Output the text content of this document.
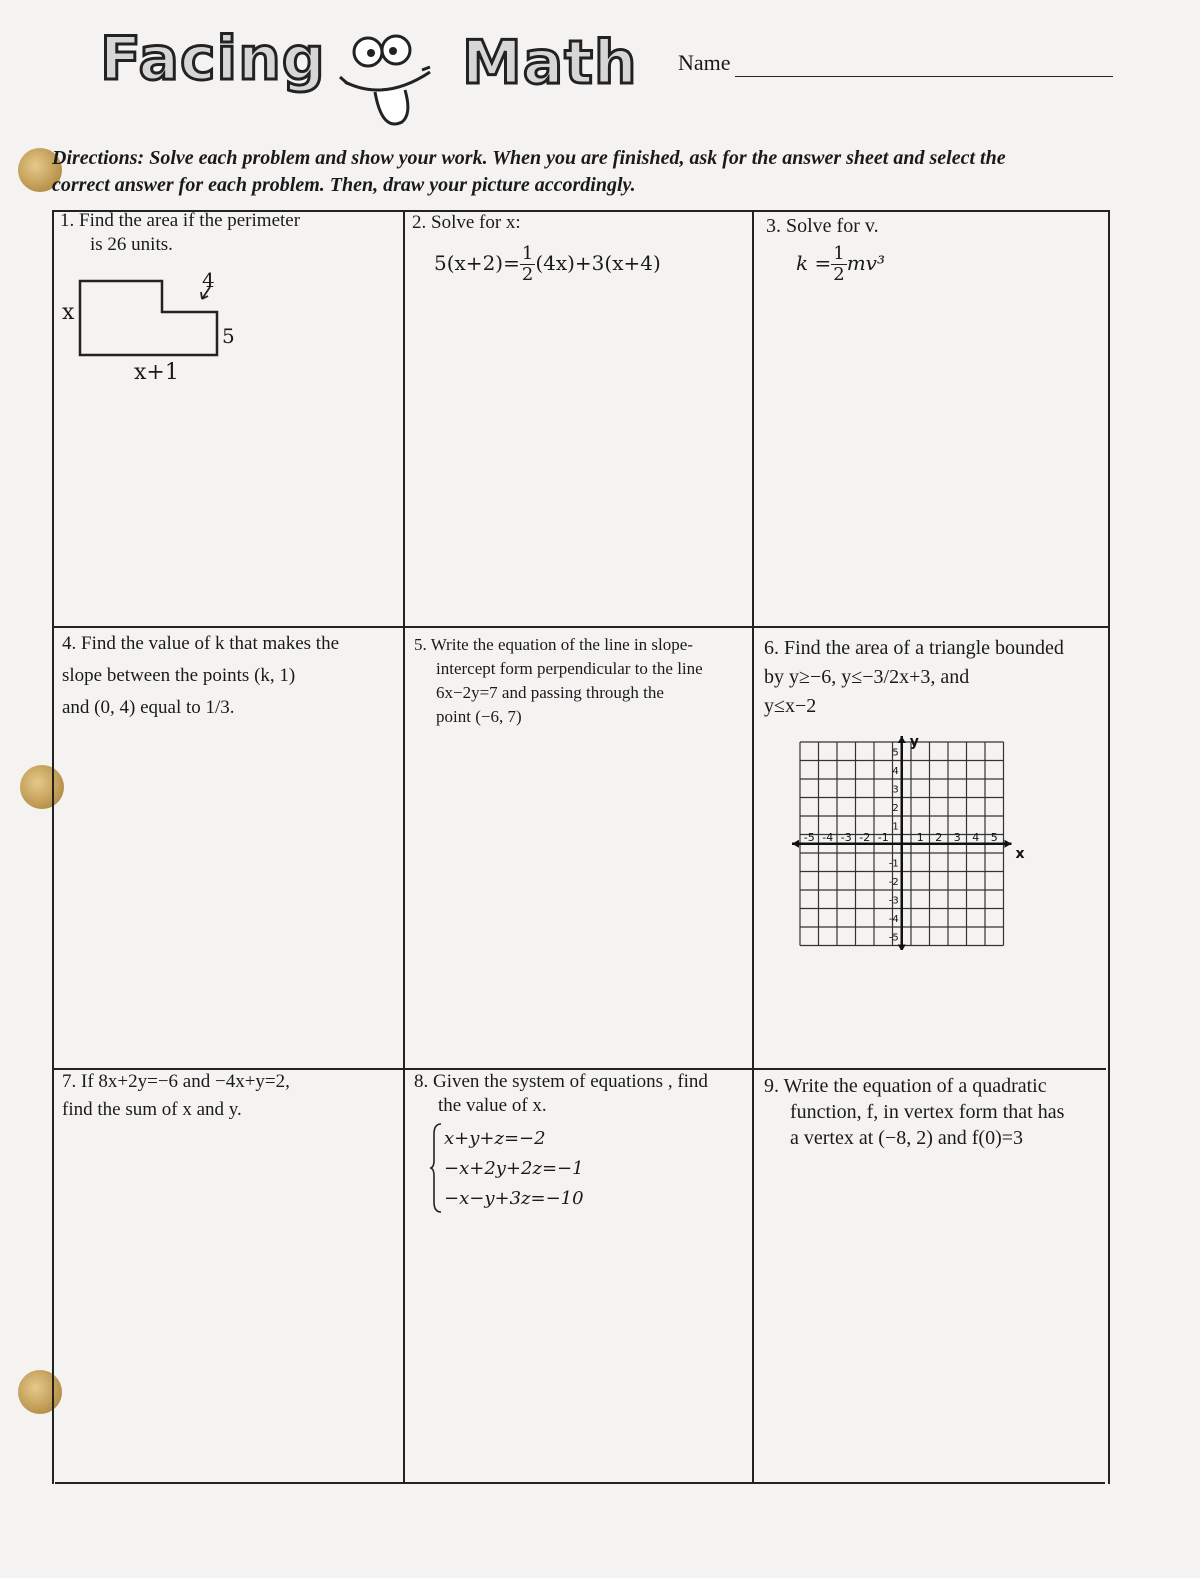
Facing Math Name
Directions: Solve each problem and show your work. When you are finished, ask for the answer sheet and select the
correct answer for each problem. Then, draw your picture accordingly.
1. Find the area if the perimeter
is 26 units.
x
4
5
x+1
2. Solve for x:
$5(x+2)= \frac{1}{2} (4x)+3(x+4)$
3. Solve for v.
$k = \frac{1}{2} mv^3$
4. Find the value of k that makes the
slope between the points (k, 1)
and (0, 4) equal to 1/3.
5. Write the equation of the line in slope-
intercept form perpendicular to the line
6x−2y=7 and passing through the
point (−6, 7)
6. Find the area of a triangle bounded
by y≥−6, y≤−3/2x+3, and
y≤x−2
-5 -4 -3 -2 -1	1 2 3 4 5
5
4
3
2
1
-1
-2
-3
-4
-5
y
x
7. If 8x+2y=−6 and −4x+y=2,
find the sum of x and y.
8. Given the system of equations , find
the value of x.
x+y+z=−2
−x+2y+2z=−1
−x−y+3z=−10
9. Write the equation of a quadratic
function, f, in vertex form that has
a vertex at (−8, 2) and f(0)=3
